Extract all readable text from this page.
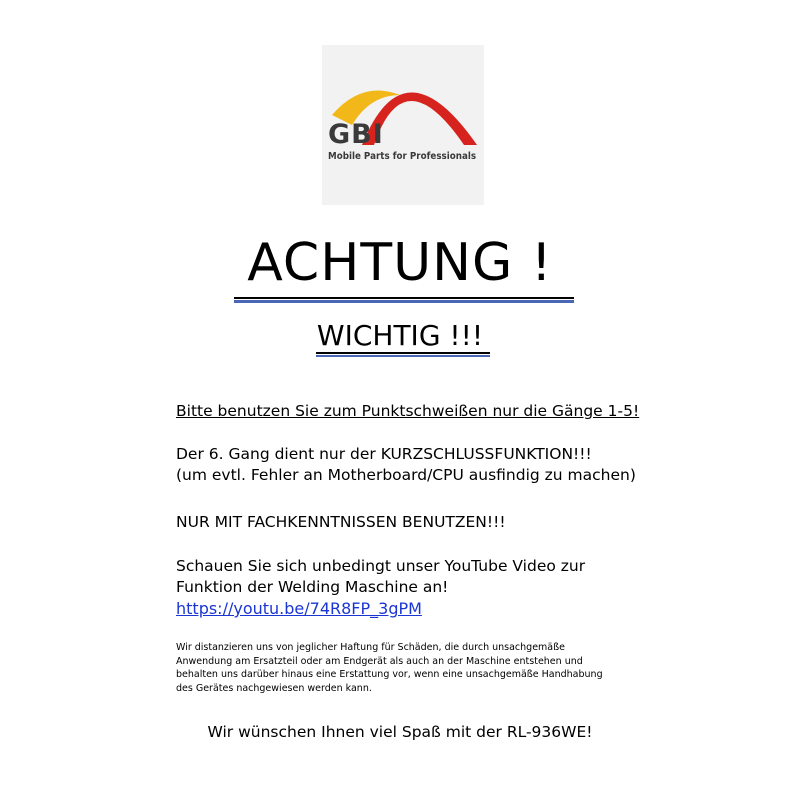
GBI
Mobile Parts for Professionals
ACHTUNG !
WICHTIG !!!
Bitte benutzen Sie zum Punktschweißen nur die Gänge 1-5!
Der 6. Gang dient nur der KURZSCHLUSSFUNKTION!!!
(um evtl. Fehler an Motherboard/CPU ausfindig zu machen)
NUR MIT FACHKENNTNISSEN BENUTZEN!!!
Schauen Sie sich unbedingt unser YouTube Video zur
Funktion der Welding Maschine an!
https://youtu.be/74R8FP_3gPM
Wir distanzieren uns von jeglicher Haftung für Schäden, die durch unsachgemäße
Anwendung am Ersatzteil oder am Endgerät als auch an der Maschine entstehen und
behalten uns darüber hinaus eine Erstattung vor, wenn eine unsachgemäße Handhabung
des Gerätes nachgewiesen werden kann.
Wir wünschen Ihnen viel Spaß mit der RL-936WE!
